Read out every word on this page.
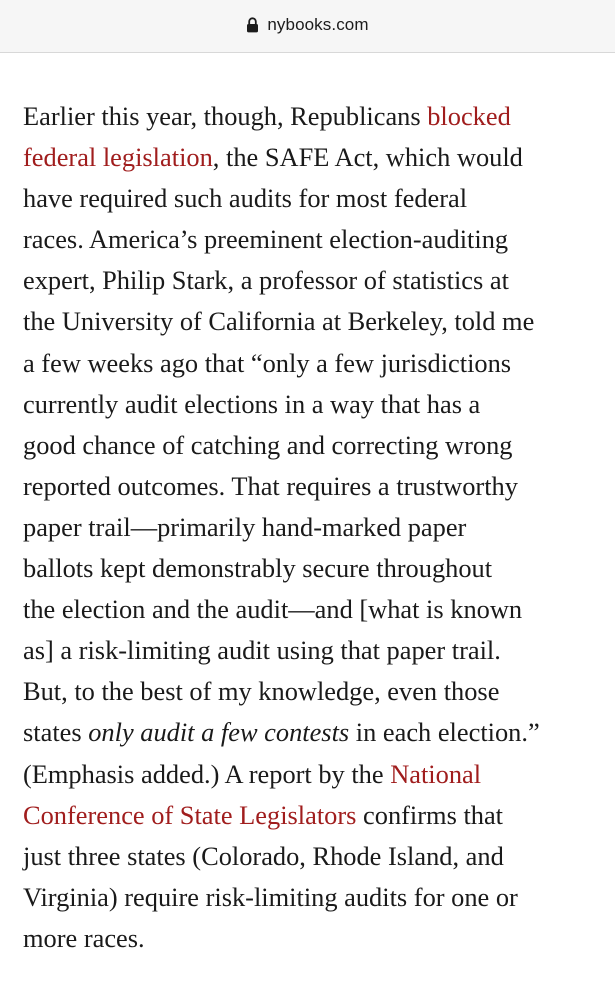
nybooks.com

Earlier this year, though, Republicans blocked
federal legislation, the SAFE Act, which would
have required such audits for most federal
races. America’s preeminent election-auditing
expert, Philip Stark, a professor of statistics at
the University of California at Berkeley, told me
a few weeks ago that “only a few jurisdictions
currently audit elections in a way that has a
good chance of catching and correcting wrong
reported outcomes. That requires a trustworthy
paper trail—primarily hand-marked paper
ballots kept demonstrably secure throughout
the election and the audit—and [what is known
as] a risk-limiting audit using that paper trail.
But, to the best of my knowledge, even those
states only audit a few contests in each election.”
(Emphasis added.) A report by the National
Conference of State Legislators confirms that
just three states (Colorado, Rhode Island, and
Virginia) require risk-limiting audits for one or
more races.
